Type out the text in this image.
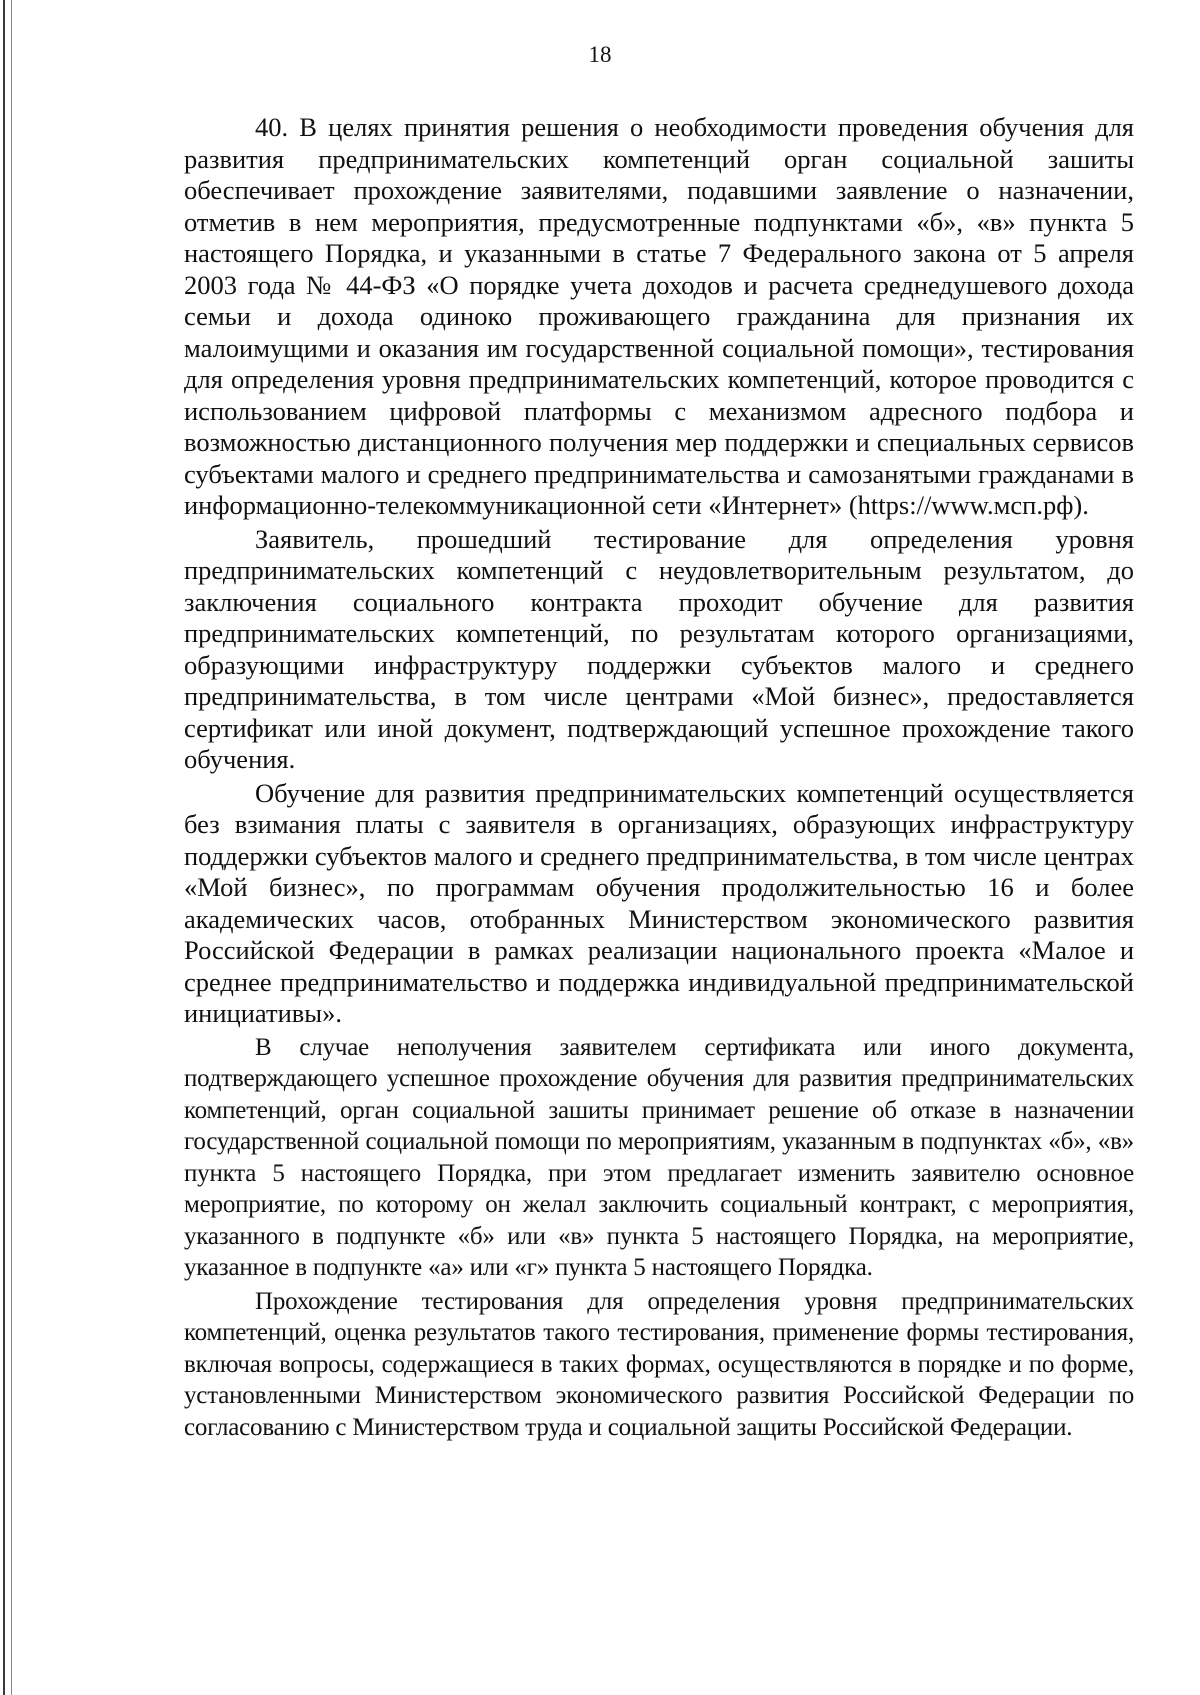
18

40. В целях принятия решения о необходимости проведения обучения для развития предпринимательских компетенций орган социальной зашиты обеспечивает прохождение заявителями, подавшими заявление о назначении, отметив в нем мероприятия, предусмотренные подпунктами «б», «в» пункта 5 настоящего Порядка, и указанными в статье 7 Федерального закона от 5 апреля 2003 года № 44-ФЗ «О порядке учета доходов и расчета среднедушевого дохода семьи и дохода одиноко проживающего гражданина для признания их малоимущими и оказания им государственной социальной помощи», тестирования для определения уровня предпринимательских компетенций, которое проводится с использованием цифровой платформы с механизмом адресного подбора и возможностью дистанционного получения мер поддержки и специальных сервисов субъектами малого и среднего предпринимательства и самозанятыми гражданами в информационно-телекоммуникационной сети «Интернет» (https://www.мсп.рф).

Заявитель, прошедший тестирование для определения уровня предпринимательских компетенций с неудовлетворительным результатом, до заключения социального контракта проходит обучение для развития предпринимательских компетенций, по результатам которого организациями, образующими инфраструктуру поддержки субъектов малого и среднего предпринимательства, в том числе центрами «Мой бизнес», предоставляется сертификат или иной документ, подтверждающий успешное прохождение такого обучения.

Обучение для развития предпринимательских компетенций осуществляется без взимания платы с заявителя в организациях, образующих инфраструктуру поддержки субъектов малого и среднего предпринимательства, в том числе центрах «Мой бизнес», по программам обучения продолжительностью 16 и более академических часов, отобранных Министерством экономического развития Российской Федерации в рамках реализации национального проекта «Малое и среднее предпринимательство и поддержка индивидуальной предпринимательской инициативы».

В случае неполучения заявителем сертификата или иного документа, подтверждающего успешное прохождение обучения для развития предпринимательских компетенций, орган социальной зашиты принимает решение об отказе в назначении государственной социальной помощи по мероприятиям, указанным в подпунктах «б», «в» пункта 5 настоящего Порядка, при этом предлагает изменить заявителю основное мероприятие, по которому он желал заключить социальный контракт, с мероприятия, указанного в подпункте «б» или «в» пункта 5 настоящего Порядка, на мероприятие, указанное в подпункте «а» или «г» пункта 5 настоящего Порядка.

Прохождение тестирования для определения уровня предпринимательских компетенций, оценка результатов такого тестирования, применение формы тестирования, включая вопросы, содержащиеся в таких формах, осуществляются в порядке и по форме, установленными Министерством экономического развития Российской Федерации по согласованию с Министерством труда и социальной защиты Российской Федерации.
